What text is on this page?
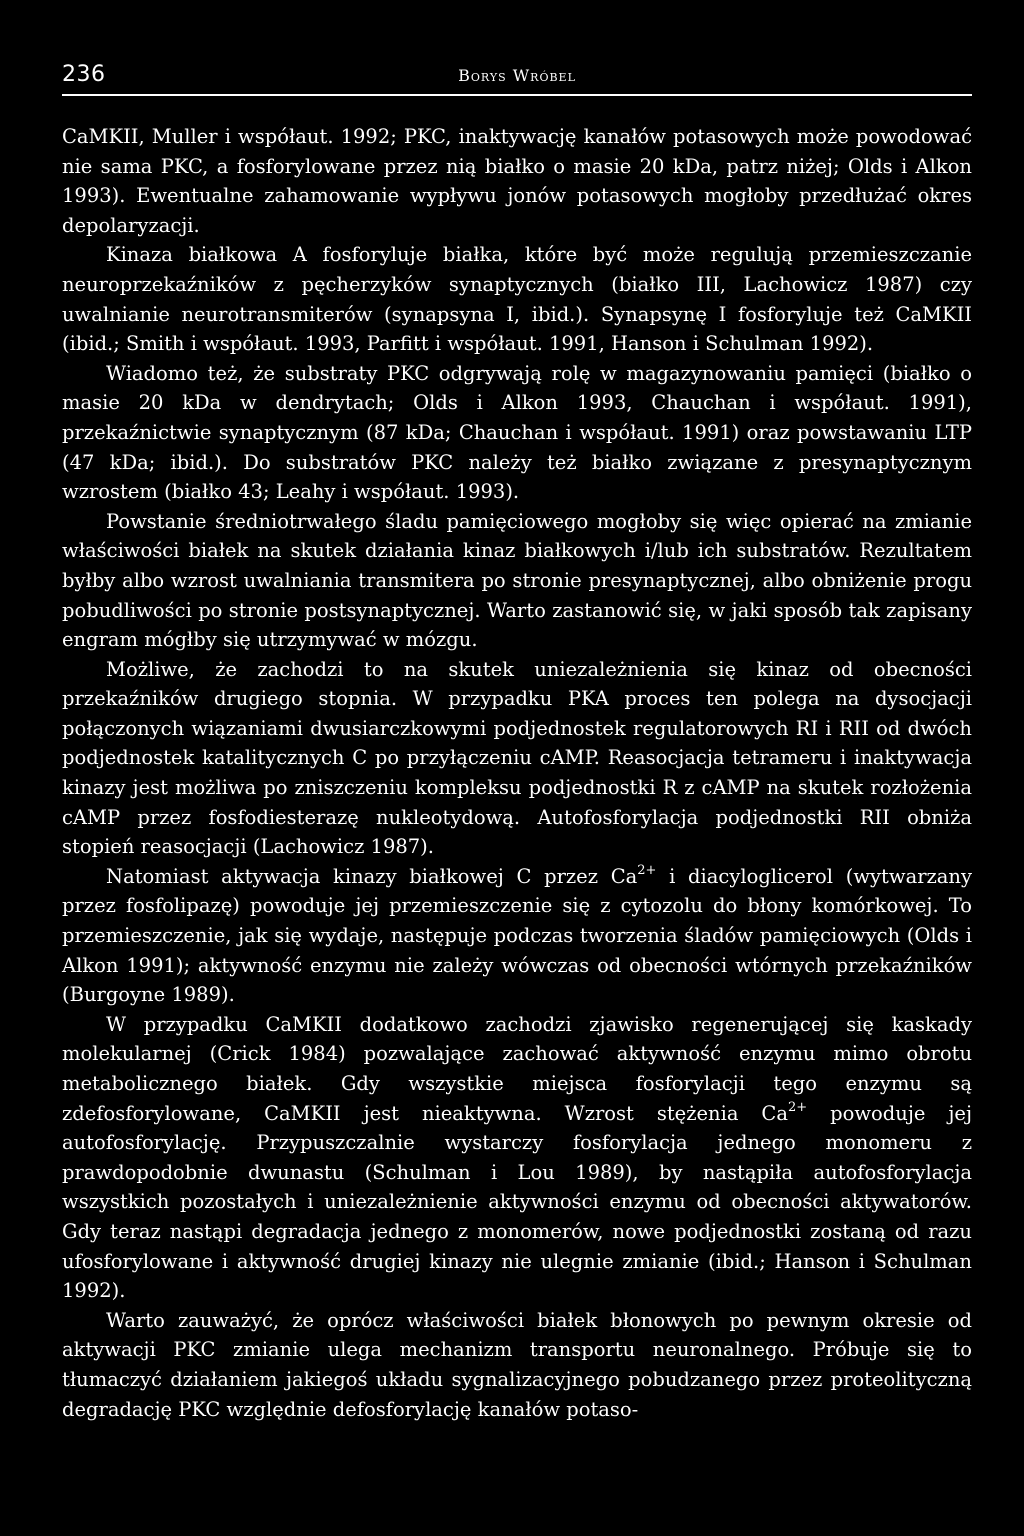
236	Borys Wróbel

CaMKII, Muller i współaut. 1992; PKC, inaktywację kanałów potasowych może powodować nie sama PKC, a fosforylowane przez nią białko o masie 20 kDa, patrz niżej; Olds i Alkon 1993). Ewentualne zahamowanie wypływu jonów potasowych mogłoby przedłużać okres depolaryzacji.

Kinaza białkowa A fosforyluje białka, które być może regulują przemieszczanie neuroprzekaźników z pęcherzyków synaptycznych (białko III, Lachowicz 1987) czy uwalnianie neurotransmiterów (synapsyna I, ibid.). Synapsynę I fosforyluje też CaMKII (ibid.; Smith i współaut. 1993, Parfitt i współaut. 1991, Hanson i Schulman 1992).

Wiadomo też, że substraty PKC odgrywają rolę w magazynowaniu pamięci (białko o masie 20 kDa w dendrytach; Olds i Alkon 1993, Chauchan i współaut. 1991), przekaźnictwie synaptycznym (87 kDa; Chauchan i współaut. 1991) oraz powstawaniu LTP (47 kDa; ibid.). Do substratów PKC należy też białko związane z presynaptycznym wzrostem (białko 43; Leahy i współaut. 1993).

Powstanie średniotrwałego śladu pamięciowego mogłoby się więc opierać na zmianie właściwości białek na skutek działania kinaz białkowych i/lub ich substratów. Rezultatem byłby albo wzrost uwalniania transmitera po stronie presynaptycznej, albo obniżenie progu pobudliwości po stronie postsynaptycznej. Warto zastanowić się, w jaki sposób tak zapisany engram mógłby się utrzymywać w mózgu.

Możliwe, że zachodzi to na skutek uniezależnienia się kinaz od obecności przekaźników drugiego stopnia. W przypadku PKA proces ten polega na dysocjacji połączonych wiązaniami dwusiarczkowymi podjednostek regulatorowych RI i RII od dwóch podjednostek katalitycznych C po przyłączeniu cAMP. Reasocjacja tetrameru i inaktywacja kinazy jest możliwa po zniszczeniu kompleksu podjednostki R z cAMP na skutek rozłożenia cAMP przez fosfodiesterazę nukleotydową. Autofosforylacja podjednostki RII obniża stopień reasocjacji (Lachowicz 1987).

Natomiast aktywacja kinazy białkowej C przez $Ca^{2+}$ i diacyloglicerol (wytwarzany przez fosfolipazę) powoduje jej przemieszczenie się z cytozolu do błony komórkowej. To przemieszczenie, jak się wydaje, następuje podczas tworzenia śladów pamięciowych (Olds i Alkon 1991); aktywność enzymu nie zależy wówczas od obecności wtórnych przekaźników (Burgoyne 1989).

W przypadku CaMKII dodatkowo zachodzi zjawisko regenerującej się kaskady molekularnej (Crick 1984) pozwalające zachować aktywność enzymu mimo obrotu metabolicznego białek. Gdy wszystkie miejsca fosforylacji tego enzymu są zdefosforylowane, CaMKII jest nieaktywna. Wzrost stężenia $Ca^{2+}$ powoduje jej autofosforylację. Przypuszczalnie wystarczy fosforylacja jednego monomeru z prawdopodobnie dwunastu (Schulman i Lou 1989), by nastąpiła autofosforylacja wszystkich pozostałych i uniezależnienie aktywności enzymu od obecności aktywatorów. Gdy teraz nastąpi degradacja jednego z monomerów, nowe podjednostki zostaną od razu ufosforylowane i aktywność drugiej kinazy nie ulegnie zmianie (ibid.; Hanson i Schulman 1992).

Warto zauważyć, że oprócz właściwości białek błonowych po pewnym okresie od aktywacji PKC zmianie ulega mechanizm transportu neuronalnego. Próbuje się to tłumaczyć działaniem jakiegoś układu sygnalizacyjnego pobudzanego przez proteolityczną degradację PKC względnie defosforylację kanałów potaso-
